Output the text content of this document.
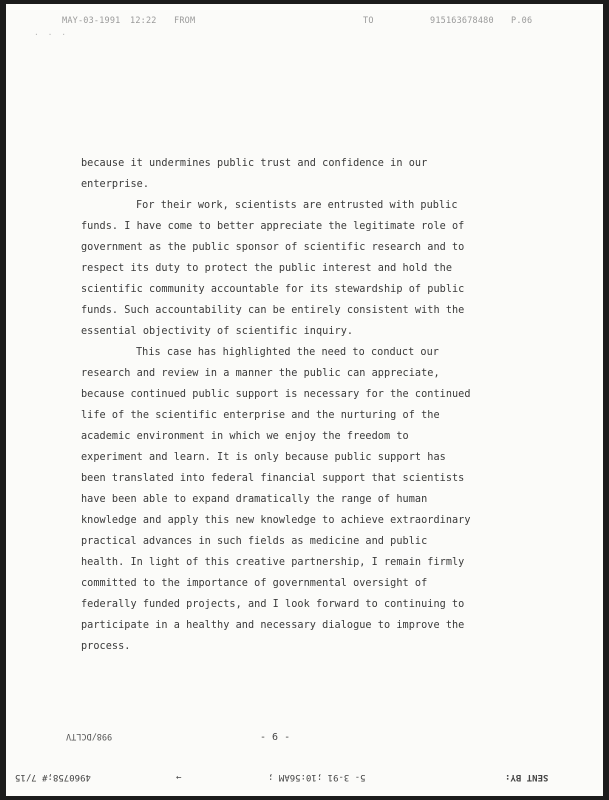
MAY-03-1991 12:22 FROM	TO	915163678480 P.06
· · ·
because it undermines public trust and confidence in our
enterprise.
For their work, scientists are entrusted with public
funds. I have come to better appreciate the legitimate role of
government as the public sponsor of scientific research and to
respect its duty to protect the public interest and hold the
scientific community accountable for its stewardship of public
funds. Such accountability can be entirely consistent with the
essential objectivity of scientific inquiry.
This case has highlighted the need to conduct our
research and review in a manner the public can appreciate,
because continued public support is necessary for the continued
life of the scientific enterprise and the nurturing of the
academic environment in which we enjoy the freedom to
experiment and learn. It is only because public support has
been translated into federal financial support that scientists
have been able to expand dramatically the range of human
knowledge and apply this new knowledge to achieve extraordinary
practical advances in such fields as medicine and public
health. In light of this creative partnership, I remain firmly
committed to the importance of governmental oversight of
federally funded projects, and I look forward to continuing to
participate in a healthy and necessary dialogue to improve the
process.
998/DCLTV	- 6 -
SENT BY:
5- 3-91 ;10:56AM ;
→
4960758;# 7/15
